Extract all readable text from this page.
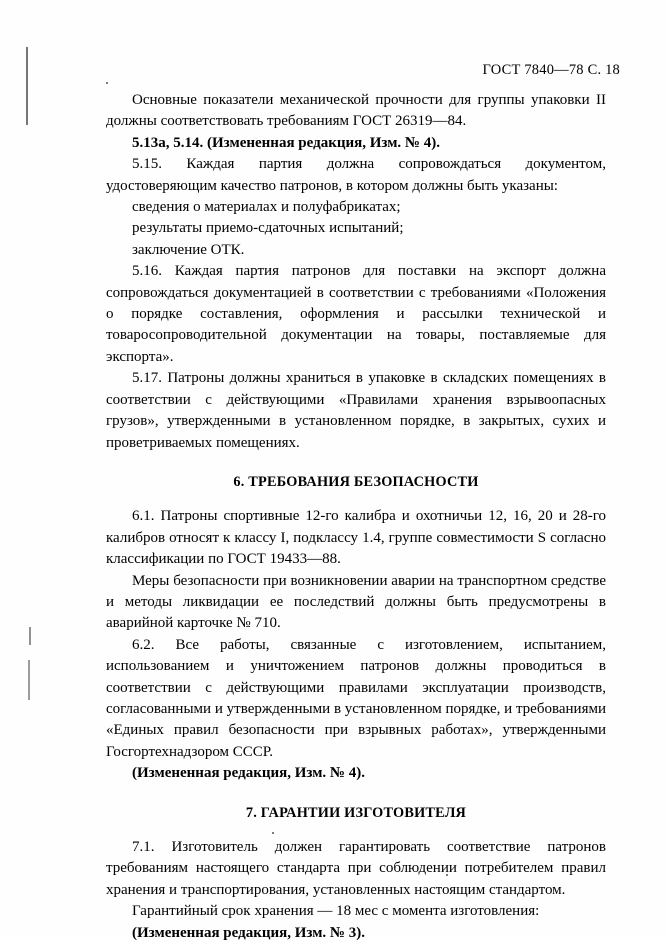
ГОСТ 7840—78 С. 18

Основные показатели механической прочности для группы упаковки II должны соответствовать требованиям ГОСТ 26319—84.

5.13а, 5.14. (Измененная редакция, Изм. № 4).

5.15. Каждая партия должна сопровождаться документом, удостоверяющим качество патронов, в котором должны быть указаны:

сведения о материалах и полуфабрикатах;

результаты приемо-сдаточных испытаний;

заключение ОТК.

5.16. Каждая партия патронов для поставки на экспорт должна сопровождаться документацией в соответствии с требованиями «Положения о порядке составления, оформления и рассылки технической и товаросопроводительной документации на товары, поставляемые для экспорта».

5.17. Патроны должны храниться в упаковке в складских помещениях в соответствии с действующими «Правилами хранения взрывоопасных грузов», утвержденными в установленном порядке, в закрытых, сухих и проветриваемых помещениях.

6. ТРЕБОВАНИЯ БЕЗОПАСНОСТИ

6.1. Патроны спортивные 12-го калибра и охотничьи 12, 16, 20 и 28-го калибров относят к классу I, подклассу 1.4, группе совместимости S согласно классификации по ГОСТ 19433—88.

Меры безопасности при возникновении аварии на транспортном средстве и методы ликвидации ее последствий должны быть предусмотрены в аварийной карточке № 710.

6.2. Все работы, связанные с изготовлением, испытанием, использованием и уничтожением патронов должны проводиться в соответствии с действующими правилами эксплуатации производств, согласованными и утвержденными в установленном порядке, и требованиями «Единых правил безопасности при взрывных работах», утвержденными Госгортехнадзором СССР.

(Измененная редакция, Изм. № 4).

7. ГАРАНТИИ ИЗГОТОВИТЕЛЯ

7.1. Изготовитель должен гарантировать соответствие патронов требованиям настоящего стандарта при соблюдении потребителем правил хранения и транспортирования, установленных настоящим стандартом.

Гарантийный срок хранения — 18 мес с момента изготовления:

(Измененная редакция, Изм. № 3).
